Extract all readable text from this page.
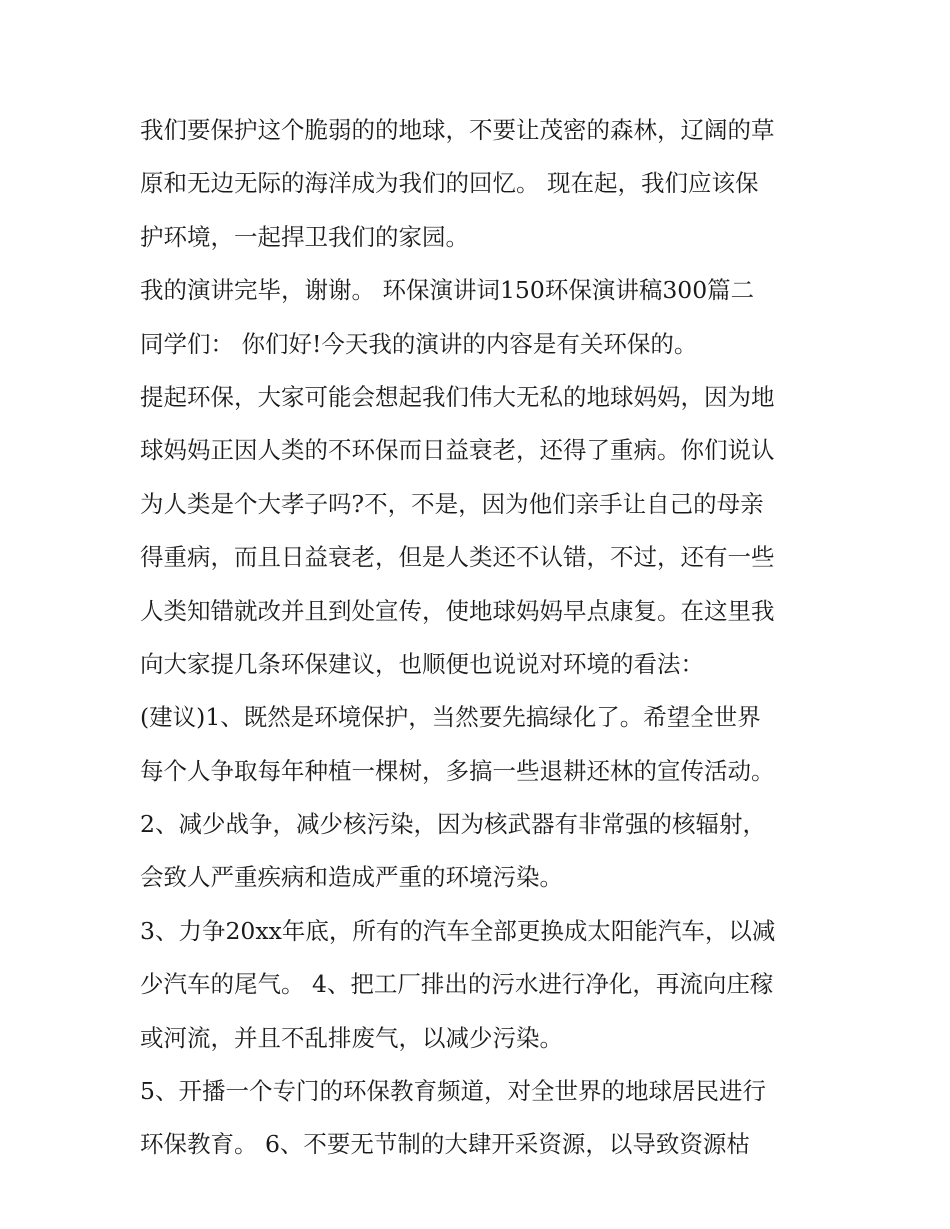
我们要保护这个脆弱的的地球，不要让茂密的森林，辽阔的草
原和无边无际的海洋成为我们的回忆。 现在起，我们应该保
护环境，一起捍卫我们的家园。
我的演讲完毕，谢谢。 环保演讲词150环保演讲稿300篇二
同学们： 你们好!今天我的演讲的内容是有关环保的。
提起环保，大家可能会想起我们伟大无私的地球妈妈，因为地
球妈妈正因人类的不环保而日益衰老，还得了重病。你们说认
为人类是个大孝子吗?不，不是，因为他们亲手让自己的母亲
得重病，而且日益衰老，但是人类还不认错，不过，还有一些
人类知错就改并且到处宣传，使地球妈妈早点康复。在这里我
向大家提几条环保建议，也顺便也说说对环境的看法：
(建议)1、既然是环境保护，当然要先搞绿化了。希望全世界
每个人争取每年种植一棵树，多搞一些退耕还林的宣传活动。
2、减少战争，减少核污染，因为核武器有非常强的核辐射，
会致人严重疾病和造成严重的环境污染。
3、力争20xx年底，所有的汽车全部更换成太阳能汽车，以减
少汽车的尾气。 4、把工厂排出的污水进行净化，再流向庄稼
或河流，并且不乱排废气，以减少污染。
5、开播一个专门的环保教育频道，对全世界的地球居民进行
环保教育。 6、不要无节制的大肆开采资源，以导致资源枯
